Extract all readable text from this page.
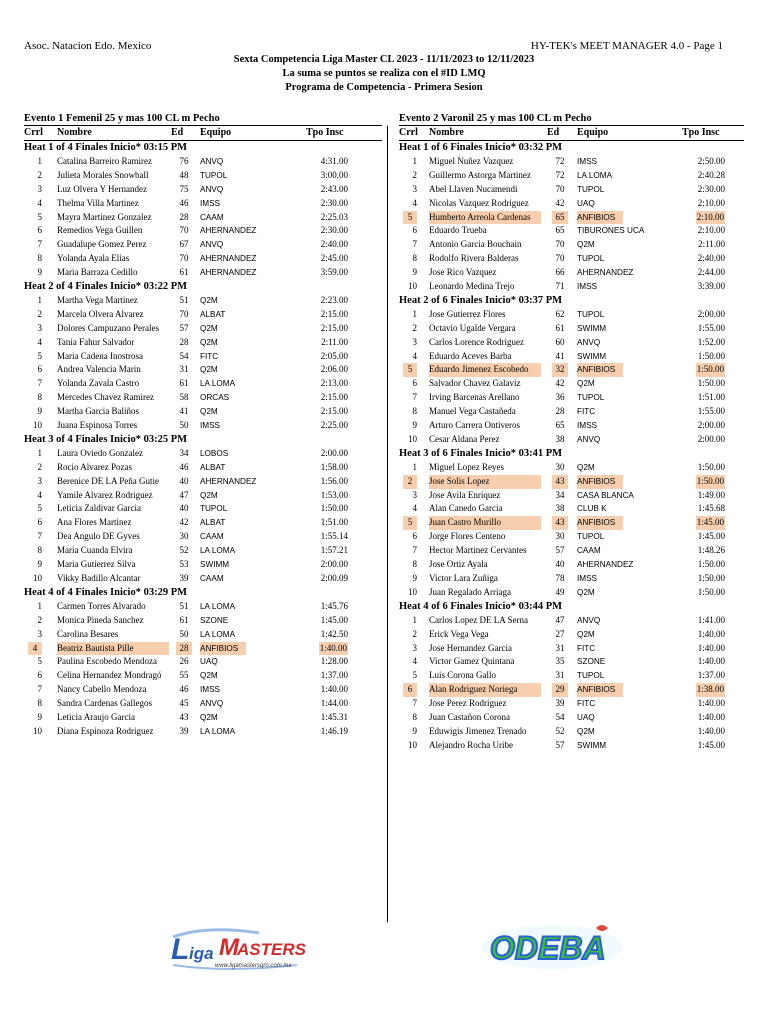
Asoc. Natacion Edo. Mexico	HY-TEK's MEET MANAGER 4.0 - Page 1
Sexta Competencia Liga Master CL 2023 - 11/11/2023 to 12/11/2023
La suma se puntos se realiza con el #ID LMQ
Programa de Competencia - Primera Sesion
Evento 1 Femenil 25 y mas 100 CL m Pecho
Crrl Nombre	Ed Equipo	Tpo Insc
Heat 1 of 4 Finales Inicio* 03:15 PM
1 Catalina Barreiro Ramirez	76	ANVQ	4:31.00
2 Julieta Morales Snowball	48	TUPOL	3:00.00
3 Luz Olvera Y Hernandez	75	ANVQ	2:43.00
4 Thelma Villa Martinez	46	IMSS	2:30.00
5 Mayra Martinez Gonzalez	28	CAAM	2:25.03
6 Remedios Vega Guillen	70	AHERNANDEZ	2:30.00
7 Guadalupe Gomez Perez	67	ANVQ	2:40.00
8 Yolanda Ayala Elias	70	AHERNANDEZ	2:45.00
9 Maria Barraza Cedillo	61	AHERNANDEZ	3:59.00
Heat 2 of 4 Finales Inicio* 03:22 PM
1 Martha Vega Martinez	51	Q2M	2:23.00
2 Marcela Olvera Alvarez	70	ALBAT	2:15.00
3 Dolores Campuzano Perales	57	Q2M	2:15.00
4 Tania Fahur Salvador	28	Q2M	2:11.00
5 Maria Cadena Inostrosa	54	FITC	2:05.00
6 Andrea Valencia Marin	31	Q2M	2:06.00
7 Yolanda Zavala Castro	61	LA LOMA	2:13.00
8 Mercedes Chavez Ramirez	58	ORCAS	2:15.00
9 Martha Garcia Baliños	41	Q2M	2:15.00
10 Juana Espinosa Torres	50	IMSS	2:25.00
Heat 3 of 4 Finales Inicio* 03:25 PM
1 Laura Oviedo Gonzalez	34	LOBOS	2:00.00
2 Rocio Alvarez Pozas	46	ALBAT	1:58.00
3 Berenice DE LA Peña Gutie	40	AHERNANDEZ	1:56.00
4 Yamile Alvarez Rodriguez	47	Q2M	1:53.00
5 Leticia Zaldivar Garcia	40	TUPOL	1:50.00
6 Ana Flores Martinez	42	ALBAT	1:51.00
7 Dea Angulo DE Gyves	30	CAAM	1:55.14
8 Maria Cuanda Elvira	52	LA LOMA	1:57.21
9 Maria Gutierrez Silva	53	SWIMM	2:00.00
10 Vikky Badillo Alcantar	39	CAAM	2:00.09
Heat 4 of 4 Finales Inicio* 03:29 PM
1 Carmen Torres Alvarado	51	LA LOMA	1:45.76
2 Monica Pineda Sanchez	61	SZONE	1:45.00
3 Carolina Besares	50	LA LOMA	1:42.50
4	Beatriz Bautista Pille	28	ANFIBIOS	1:40.00
5 Paulina Escobedo Mendoza	26	UAQ	1:28.00
6 Celina Hernandez Mondragó	55	Q2M	1:37.00
7 Nancy Cabello Mendoza	46	IMSS	1:40.00
8 Sandra Cardenas Gallegos	45	ANVQ	1:44.00
9 Leticia Araujo Garcia	43	Q2M	1:45.31
10 Diana Espinoza Rodriguez	39	LA LOMA	1:46.19
Evento 2 Varonil 25 y mas 100 CL m Pecho
Crrl Nombre	Ed Equipo	Tpo Insc
Heat 1 of 6 Finales Inicio* 03:32 PM
1 Miguel Nuñez Vazquez	72	IMSS	2:50.00
2 Guillermo Astorga Martinez	72	LA LOMA	2:40.28
3 Abel Llaven Nucamendi	70	TUPOL	2:30.00
4 Nicolas Vazquez Rodriguez	42	UAQ	2:10.00
5	Humberto Arreola Cardenas	65	ANFIBIOS	2:10.00
6 Eduardo Trueba	65	TIBURONES UCA	2:10.00
7 Antonio Garcia Bouchain	70	Q2M	2:11.00
8 Rodolfo Rivera Balderas	70	TUPOL	2:40.00
9 Jose Rico Vazquez	66	AHERNANDEZ	2:44.00
10 Leonardo Medina Trejo	71	IMSS	3:39.00
Heat 2 of 6 Finales Inicio* 03:37 PM
1 Jose Gutierrez Flores	62	TUPOL	2:00.00
2 Octavio Ugalde Vergara	61	SWIMM	1:55.00
3 Carlos Lorence Rodriguez	60	ANVQ	1:52.00
4 Eduardo Aceves Barba	41	SWIMM	1:50.00
5	Eduardo Jimenez Escobedo	32	ANFIBIOS	1:50.00
6 Salvador Chavez Galaviz	42	Q2M	1:50.00
7 Irving Barcenas Arellano	36	TUPOL	1:51.00
8 Manuel Vega Castañeda	28	FITC	1:55.00
9 Arturo Carrera Ontiveros	65	IMSS	2:00.00
10 Cesar Aldana Perez	38	ANVQ	2:00.00
Heat 3 of 6 Finales Inicio* 03:41 PM
1 Miguel Lopez Reyes	30	Q2M	1:50.00
2	Jose Solis Lopez	43	ANFIBIOS	1:50.00
3 Jose Avila Enriquez	34	CASA BLANCA	1:49.00
4 Alan Canedo Garcia	38	CLUB K	1:45.68
5	Juan Castro Murillo	43	ANFIBIOS	1:45.00
6 Jorge Flores Centeno	30	TUPOL	1:45.00
7 Hector Martinez Cervantes	57	CAAM	1:48.26
8 Jose Ortiz Ayala	40	AHERNANDEZ	1:50.00
9 Victor Lara Zuñiga	78	IMSS	1:50.00
10 Juan Regalado Arriaga	49	Q2M	1:50.00
Heat 4 of 6 Finales Inicio* 03:44 PM
1 Carlos Lopez DE LA Serna	47	ANVQ	1:41.00
2 Erick Vega Vega	27	Q2M	1:40.00
3 Jose Hernandez Garcia	31	FITC	1:40.00
4 Victor Gamez Quintana	35	SZONE	1:40.00
5 Luis Corona Gallo	31	TUPOL	1:37.00
6	Alan Rodriguez Noriega	29	ANFIBIOS	1:38.00
7 Jose Perez Rodriguez	39	FITC	1:40.00
8 Juan Castañon Corona	54	UAQ	1:40.00
9 Eduwigis Jimenez Trenado	52	Q2M	1:40.00
10 Alejandro Rocha Uribe	57	SWIMM	1:45.00
L iga M
ASTERS
www.ligamastersqro.com.mx	ODEBA
